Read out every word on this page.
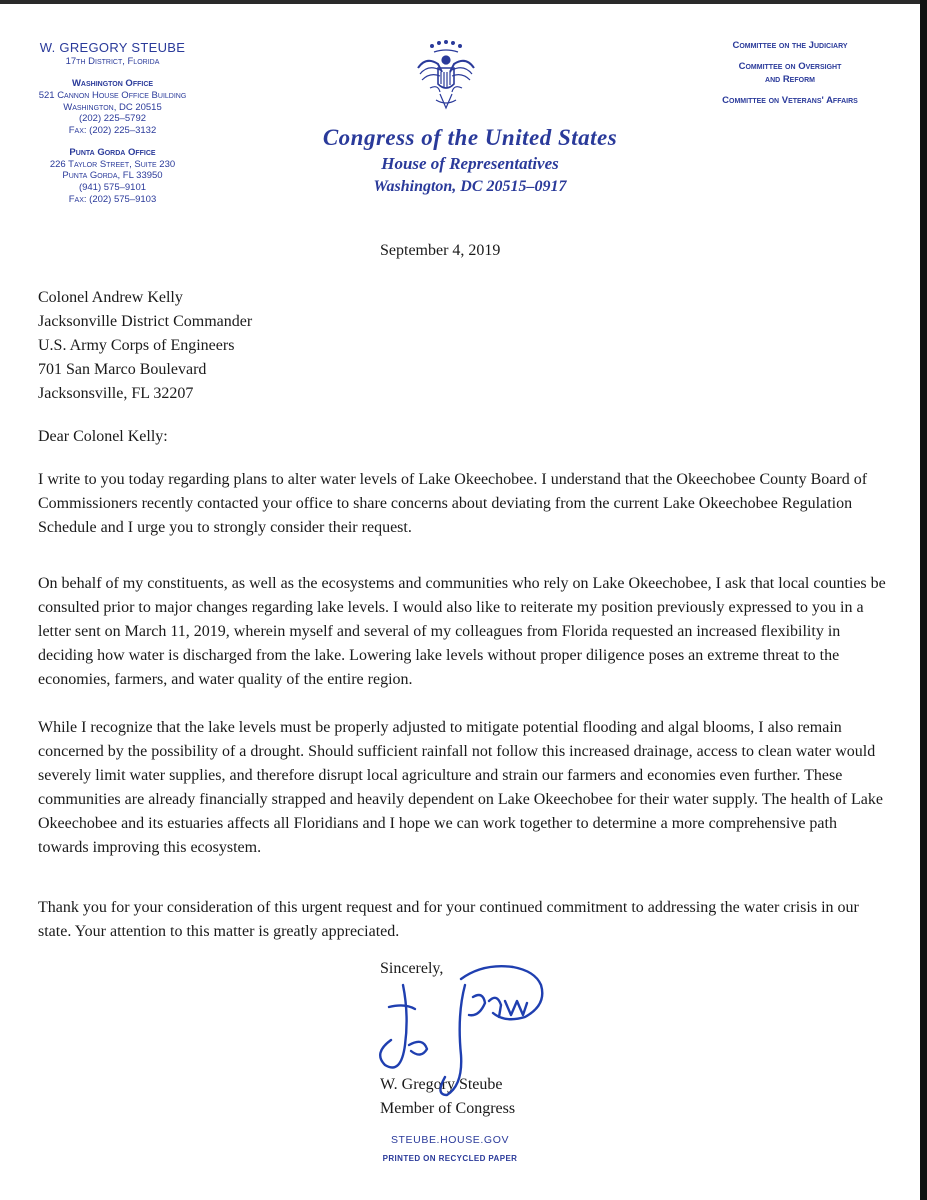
W. GREGORY STEUBE
17th District, Florida
Washington Office
521 Cannon House Office Building
Washington, DC 20515
(202) 225–5792
Fax: (202) 225–3132
Punta Gorda Office
226 Taylor Street, Suite 230
Punta Gorda, FL 33950
(941) 575–9101
Fax: (202) 575–9103
Congress of the United States
House of Representatives
Washington, DC 20515–0917
Committee on the Judiciary
Committee on Oversight
and Reform
Committee on Veterans' Affairs
September 4, 2019
Colonel Andrew Kelly
Jacksonville District Commander
U.S. Army Corps of Engineers
701 San Marco Boulevard
Jacksonsville, FL 32207
Dear Colonel Kelly:

I write to you today regarding plans to alter water levels of Lake Okeechobee. I understand that the Okeechobee County Board of Commissioners recently contacted your office to share concerns about deviating from the current Lake Okeechobee Regulation Schedule and I urge you to strongly consider their request.

On behalf of my constituents, as well as the ecosystems and communities who rely on Lake Okeechobee, I ask that local counties be consulted prior to major changes regarding lake levels. I would also like to reiterate my position previously expressed to you in a letter sent on March 11, 2019, wherein myself and several of my colleagues from Florida requested an increased flexibility in deciding how water is discharged from the lake. Lowering lake levels without proper diligence poses an extreme threat to the economies, farmers, and water quality of the entire region.

While I recognize that the lake levels must be properly adjusted to mitigate potential flooding and algal blooms, I also remain concerned by the possibility of a drought. Should sufficient rainfall not follow this increased drainage, access to clean water would severely limit water supplies, and therefore disrupt local agriculture and strain our farmers and economies even further. These communities are already financially strapped and heavily dependent on Lake Okeechobee for their water supply. The health of Lake Okeechobee and its estuaries affects all Floridians and I hope we can work together to determine a more comprehensive path towards improving this ecosystem.

Thank you for your consideration of this urgent request and for your continued commitment to addressing the water crisis in our state. Your attention to this matter is greatly appreciated.

Sincerely,
W. Gregory Steube
Member of Congress
STEUBE.HOUSE.GOV
PRINTED ON RECYCLED PAPER
